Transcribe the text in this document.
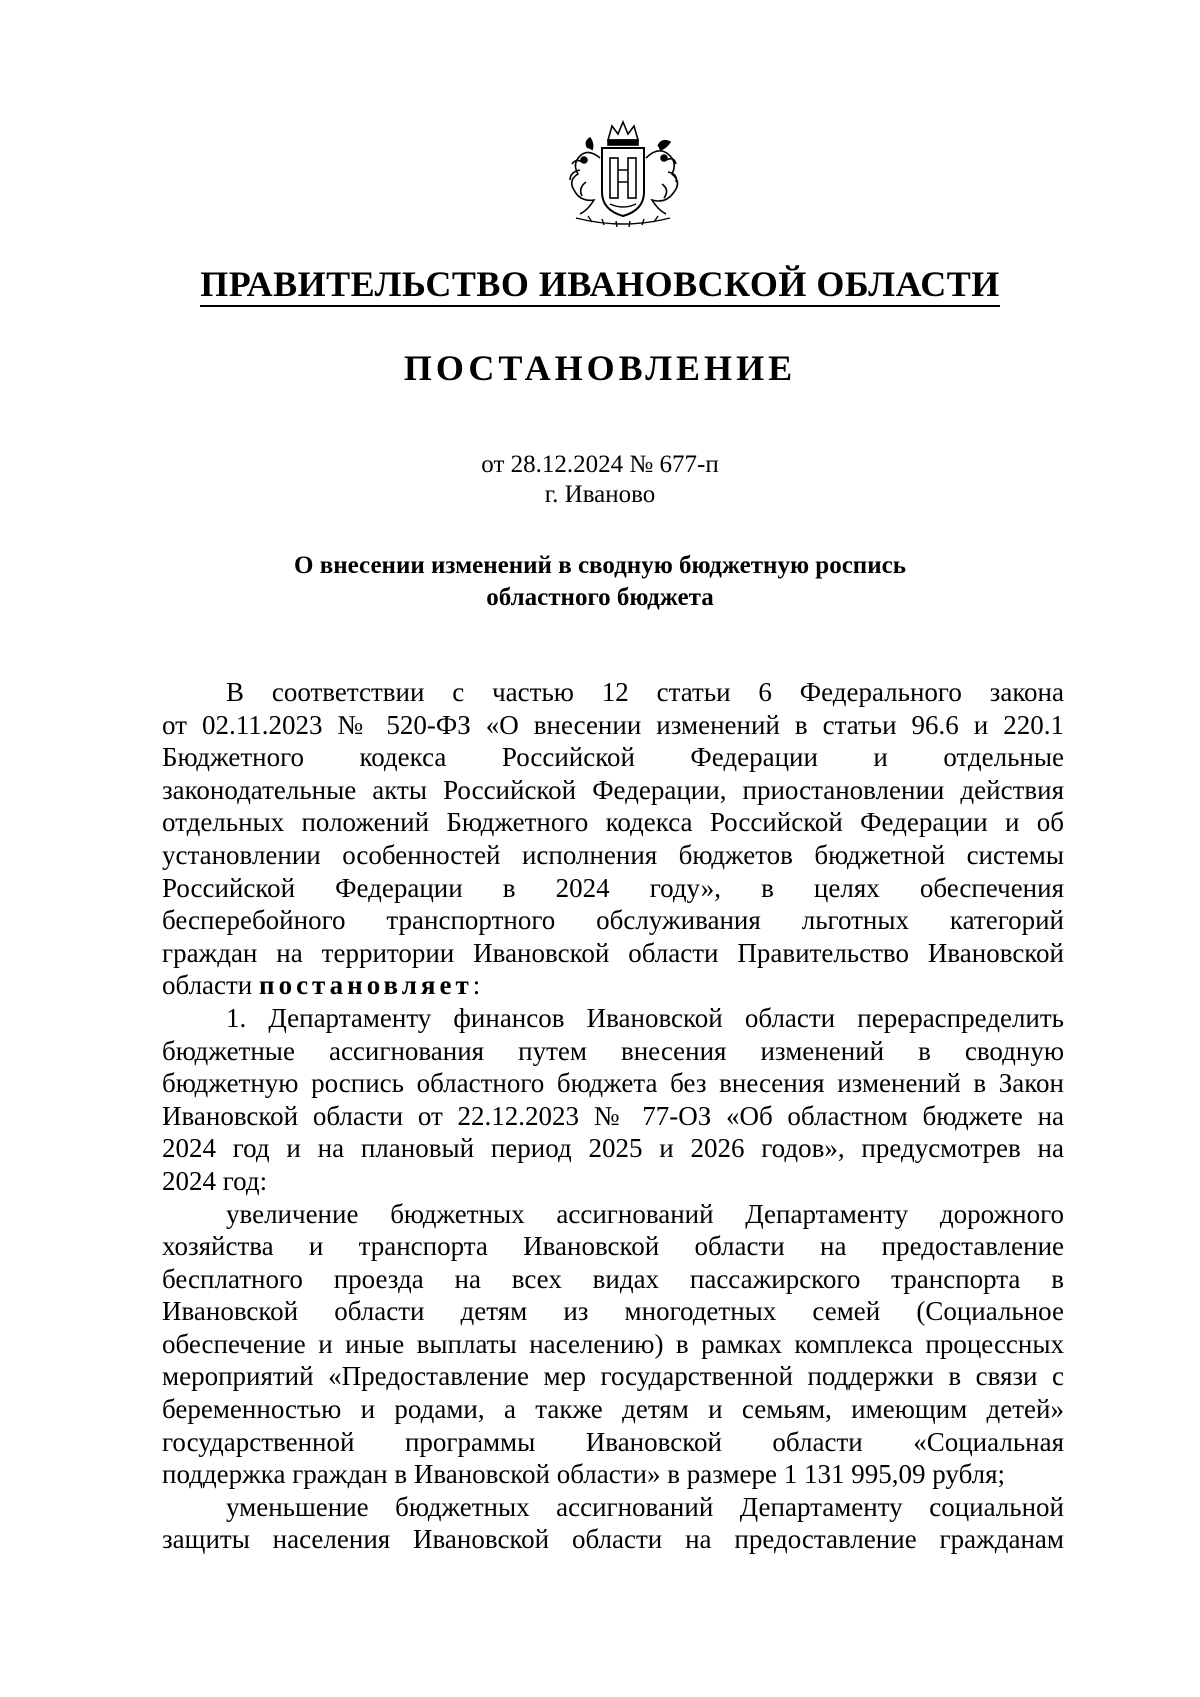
ПРАВИТЕЛЬСТВО ИВАНОВСКОЙ ОБЛАСТИ
ПОСТАНОВЛЕНИЕ
от 28.12.2024 № 677-п
г. Иваново
О внесении изменений в сводную бюджетную роспись
областного бюджета
В соответствии с частью 12 статьи 6 Федерального закона
от 02.11.2023 № 520-ФЗ «О внесении изменений в статьи 96.6 и 220.1
Бюджетного кодекса Российской Федерации и отдельные
законодательные акты Российской Федерации, приостановлении действия
отдельных положений Бюджетного кодекса Российской Федерации и об
установлении особенностей исполнения бюджетов бюджетной системы
Российской Федерации в 2024 году», в целях обеспечения
бесперебойного транспортного обслуживания льготных категорий
граждан на территории Ивановской области Правительство Ивановской
области постановляет:
1. Департаменту финансов Ивановской области перераспределить
бюджетные ассигнования путем внесения изменений в сводную
бюджетную роспись областного бюджета без внесения изменений в Закон
Ивановской области от 22.12.2023 № 77-ОЗ «Об областном бюджете на
2024 год и на плановый период 2025 и 2026 годов», предусмотрев на
2024 год:
увеличение бюджетных ассигнований Департаменту дорожного
хозяйства и транспорта Ивановской области на предоставление
бесплатного проезда на всех видах пассажирского транспорта в
Ивановской области детям из многодетных семей (Социальное
обеспечение и иные выплаты населению) в рамках комплекса процессных
мероприятий «Предоставление мер государственной поддержки в связи с
беременностью и родами, а также детям и семьям, имеющим детей»
государственной программы Ивановской области «Социальная
поддержка граждан в Ивановской области» в размере 1 131 995,09 рубля;
уменьшение бюджетных ассигнований Департаменту социальной
защиты населения Ивановской области на предоставление гражданам
